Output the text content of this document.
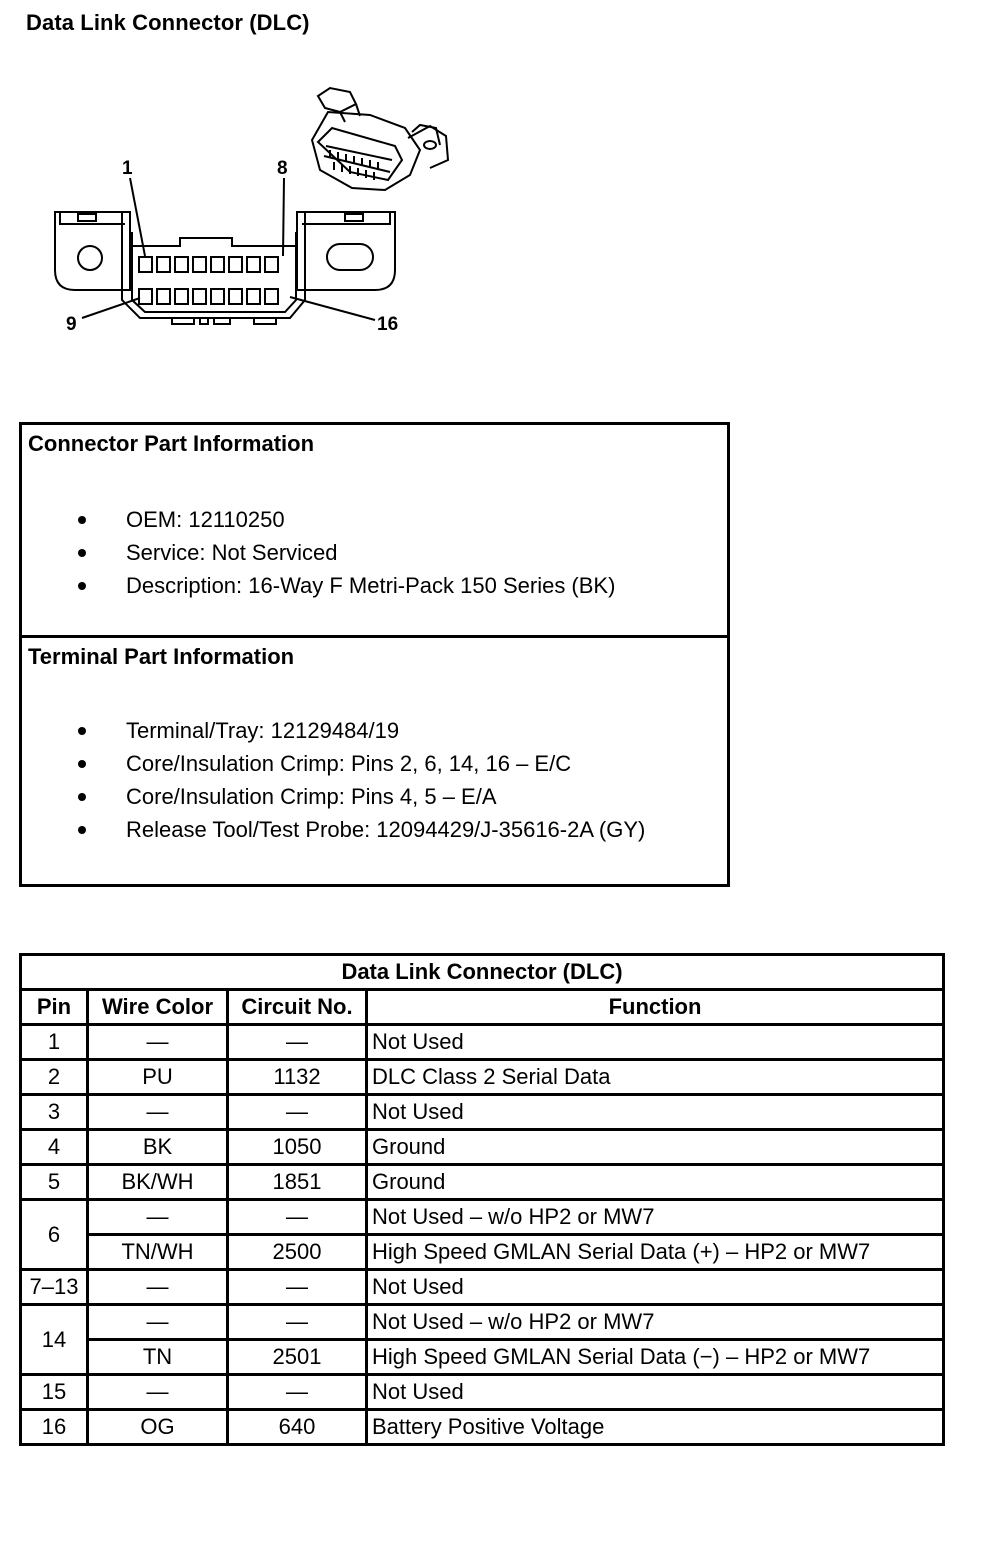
Data Link Connector (DLC)
1	8
9	16
Connector Part Information
OEM: 12110250
Service: Not Serviced
Description: 16-Way F Metri-Pack 150 Series (BK)
Terminal Part Information
Terminal/Tray: 12129484/19
Core/Insulation Crimp: Pins 2, 6, 14, 16 – E/C
Core/Insulation Crimp: Pins 4, 5 – E/A
Release Tool/Test Probe: 12094429/J-35616-2A (GY)
Data Link Connector (DLC)			
Pin	Wire Color	Circuit No.	Function
1	—	—	Not Used
2	PU	1132	DLC Class 2 Serial Data
3	—	—	Not Used
4	BK	1050	Ground
5	BK/WH	1851	Ground
6	—	—	Not Used – w/o HP2 or MW7
	TN/WH	2500	High Speed GMLAN Serial Data (+) – HP2 or MW7
7–13	—	—	Not Used
14	—	—	Not Used – w/o HP2 or MW7
	TN	2501	High Speed GMLAN Serial Data (−) – HP2 or MW7
15	—	—	Not Used
16	OG	640	Battery Positive Voltage
